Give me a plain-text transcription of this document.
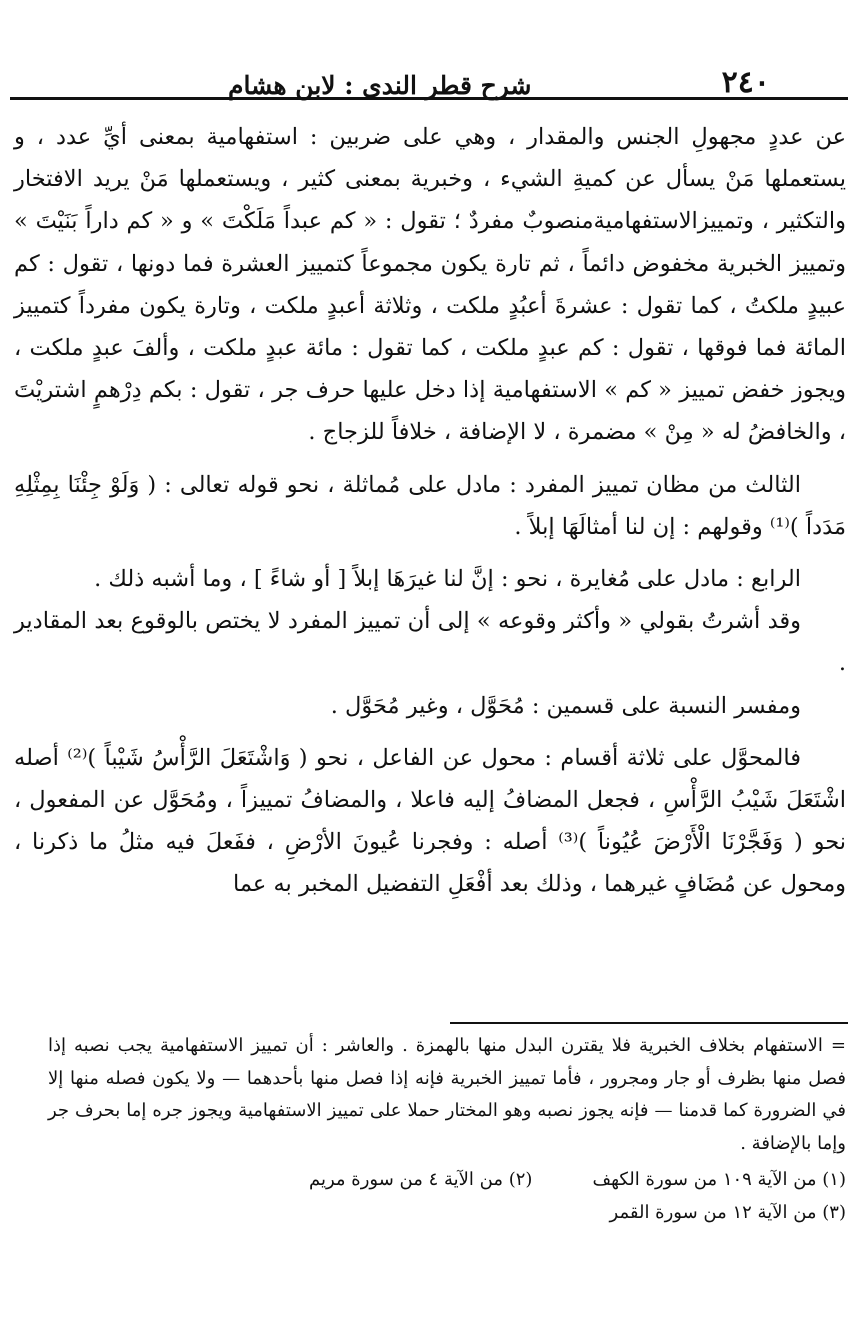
٢٤٠
شرح قطر الندى : لابن هشام

عن عددٍ مجهولِ الجنس والمقدار ، وهي على ضربين : استفهامية بمعنى أيِّ عدد ، و يستعملها مَنْ يسأل عن كميةِ الشيء ، وخبرية بمعنى كثير ، ويستعملها مَنْ يريد الافتخار والتكثير ، وتمييزالاستفهاميةمنصوبٌ مفردٌ ؛ تقول : « كم عبداً مَلَكْتَ » و « كم داراً بَنَيْتَ » وتمييز الخبرية مخفوض دائماً ، ثم تارة يكون مجموعاً كتمييز العشرة فما دونها ، تقول : كم عبيدٍ ملكتُ ، كما تقول : عشرةَ أعبُدٍ ملكت ، وثلاثة أعبدٍ ملكت ، وتارة يكون مفرداً كتمييز المائة فما فوقها ، تقول : كم عبدٍ ملكت ، كما تقول : مائة عبدٍ ملكت ، وألفَ عبدٍ ملكت ، ويجوز خفض تمييز « كم » الاستفهامية إذا دخل عليها حرف جر ، تقول : بكم دِرْهمٍ اشتريْتَ ، والخافضُ له « مِنْ » مضمرة ، لا الإضافة ، خلافاً للزجاج .

الثالث من مظان تمييز المفرد : مادل على مُماثلة ، نحو قوله تعالى : ( وَلَوْ جِئْنَا بِمِثْلِهِ مَدَداً )⁽¹⁾ وقولهم : إن لنا أمثالَهَا إبلاً .

الرابع : مادل على مُغايرة ، نحو : إنَّ لنا غيرَهَا إبلاً [ أو شاءً ] ، وما أشبه ذلك .

وقد أشرتُ بقولي « وأكثر وقوعه » إلى أن تمييز المفرد لا يختص بالوقوع بعد المقادير .

ومفسر النسبة على قسمين : مُحَوَّل ، وغير مُحَوَّل .

فالمحوَّل على ثلاثة أقسام : محول عن الفاعل ، نحو ( وَاشْتَعَلَ الرَّأْسُ شَيْباً )⁽²⁾ أصله اشْتَعَلَ شَيْبُ الرَّأْسِ ، فجعل المضافُ إليه فاعلا ، والمضافُ تمييزاً ، ومُحَوَّل عن المفعول ، نحو ( وَفَجَّرْنَا الْأَرْضَ عُيُوناً )⁽³⁾ أصله : وفجرنا عُيونَ الأرْضِ ، ففَعلَ فيه مثلُ ما ذكرنا ، ومحول عن مُضَافٍ غيرهما ، وذلك بعد أفْعَلِ التفضيل المخبر به عما

= الاستفهام بخلاف الخبرية فلا يقترن البدل منها بالهمزة . والعاشر : أن تمييز الاستفهامية يجب نصبه إذا فصل منها بظرف أو جار ومجرور ، فأما تمييز الخبرية فإنه إذا فصل منها بأحدهما — ولا يكون فصله منها إلا في الضرورة كما قدمنا — فإنه يجوز نصبه وهو المختار حملا على تمييز الاستفهامية ويجوز جره إما بحرف جر وإما بالإضافة .

(١) من الآية ١٠٩ من سورة الكهف
(٢) من الآية ٤ من سورة مريم
(٣) من الآية ١٢ من سورة القمر
